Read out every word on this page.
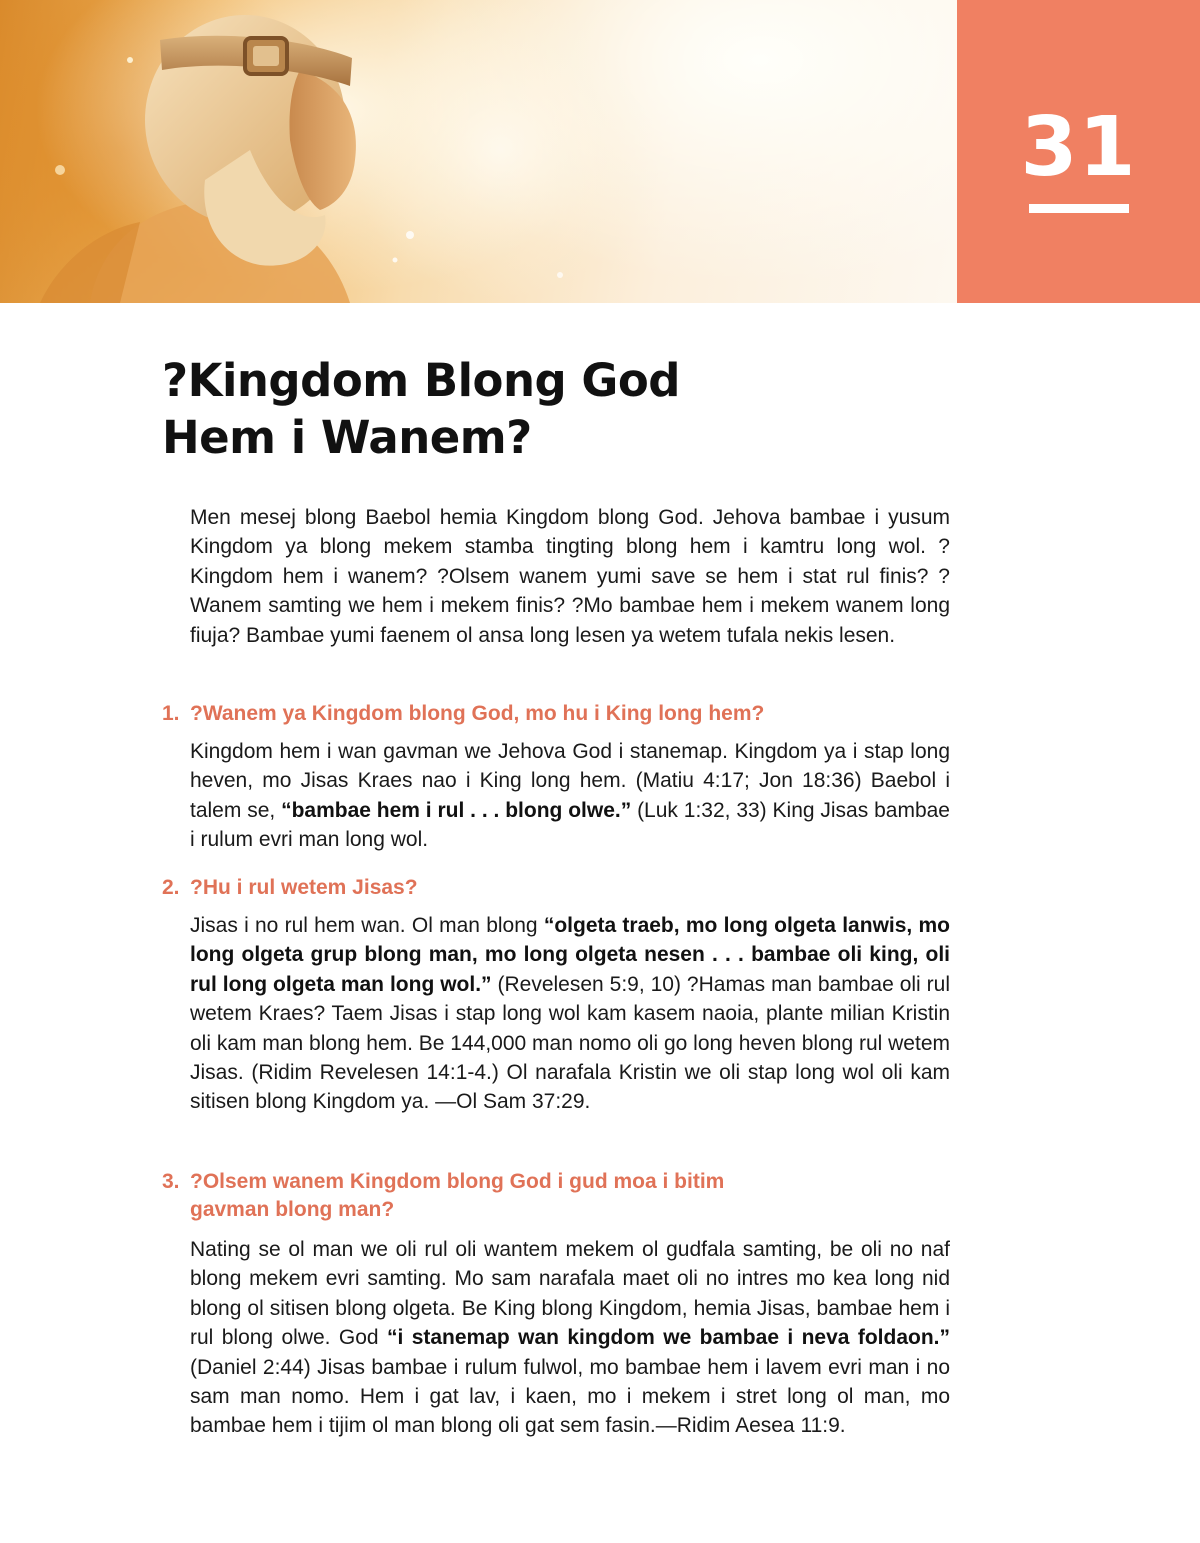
31
?Kingdom Blong God
Hem i Wanem?

Men mesej blong Baebol hemia Kingdom blong God. Jehova bambae i yusum Kingdom ya blong mekem stamba tingting blong hem i kamtru long wol. ?Kingdom hem i wanem? ?Olsem wanem yumi save se hem i stat rul finis? ?Wanem samting we hem i mekem finis? ?Mo bambae hem i mekem wanem long fiuja? Bambae yumi faenem ol ansa long lesen ya wetem tufala nekis lesen.

1. ?Wanem ya Kingdom blong God, mo hu i King long hem?

Kingdom hem i wan gavman we Jehova God i stanemap. Kingdom ya i stap long heven, mo Jisas Kraes nao i King long hem. (Matiu 4:17; Jon 18:36) Baebol i talem se, “bambae hem i rul . . . blong olwe.” (Luk 1:32, 33) King Jisas bambae i rulum evri man long wol.

2. ?Hu i rul wetem Jisas?

Jisas i no rul hem wan. Ol man blong “olgeta traeb, mo long olgeta lanwis, mo long olgeta grup blong man, mo long olgeta nesen . . . bambae oli king, oli rul long olgeta man long wol.” (Revelesen 5:9, 10) ?Hamas man bambae oli rul wetem Kraes? Taem Jisas i stap long wol kam kasem naoia, plante milian Kristin oli kam man blong hem. Be 144,000 man nomo oli go long heven blong rul wetem Jisas. (Ridim Revelesen 14:1-4.) Ol narafala Kristin we oli stap long wol oli kam sitisen blong Kingdom ya. —Ol Sam 37:29.

3. ?Olsem wanem Kingdom blong God i gud moa i bitim
gavman blong man?

Nating se ol man we oli rul oli wantem mekem ol gudfala samting, be oli no naf blong mekem evri samting. Mo sam narafala maet oli no intres mo kea long nid blong ol sitisen blong olgeta. Be King blong Kingdom, hemia Jisas, bambae hem i rul blong olwe. God “i stanemap wan kingdom we bambae i neva foldaon.” (Daniel 2:44) Jisas bambae i rulum fulwol, mo bambae hem i lavem evri man i no sam man nomo. Hem i gat lav, i kaen, mo i mekem i stret long ol man, mo bambae hem i tijim ol man blong oli gat sem fasin.—Ridim Aesea 11:9.
